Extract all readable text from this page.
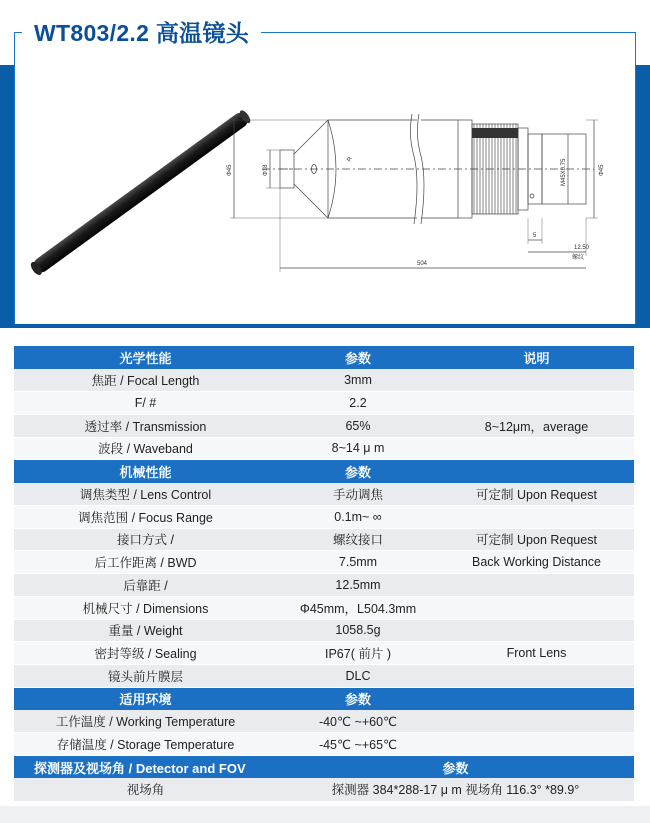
WT803/2.2 高温镜头
Φ45	Φ18
R	M45X0.75	Φ45
5
12.50
螺纹
504
光学性能	参数	说明
焦距 / Focal Length	3mm	
F/ #	2.2	
透过率 / Transmission	65%	8~12μm，average
波段 / Waveband	8~14 μ m	
机械性能	参数	
调焦类型 / Lens Control	手动调焦	可定制 Upon Request
调焦范围 / Focus Range	0.1m~ ∞	
接口方式 /	螺纹接口	可定制 Upon Request
后工作距离 / BWD	7.5mm	Back Working Distance
后靠距 /	12.5mm	
机械尺寸 / Dimensions	Φ45mm，L504.3mm	
重量 / Weight	1058.5g	
密封等级 / Sealing	IP67( 前片 )	Front Lens
镜头前片膜层	DLC	
适用环境	参数	
工作温度 / Working Temperature	-40℃ ~+60℃	
存储温度 / Storage Temperature	-45℃ ~+65℃	
探测器及视场角 / Detector and FOV	参数	
视场角	探测器 384*288-17 μ m 视场角 116.3° *89.9°	
